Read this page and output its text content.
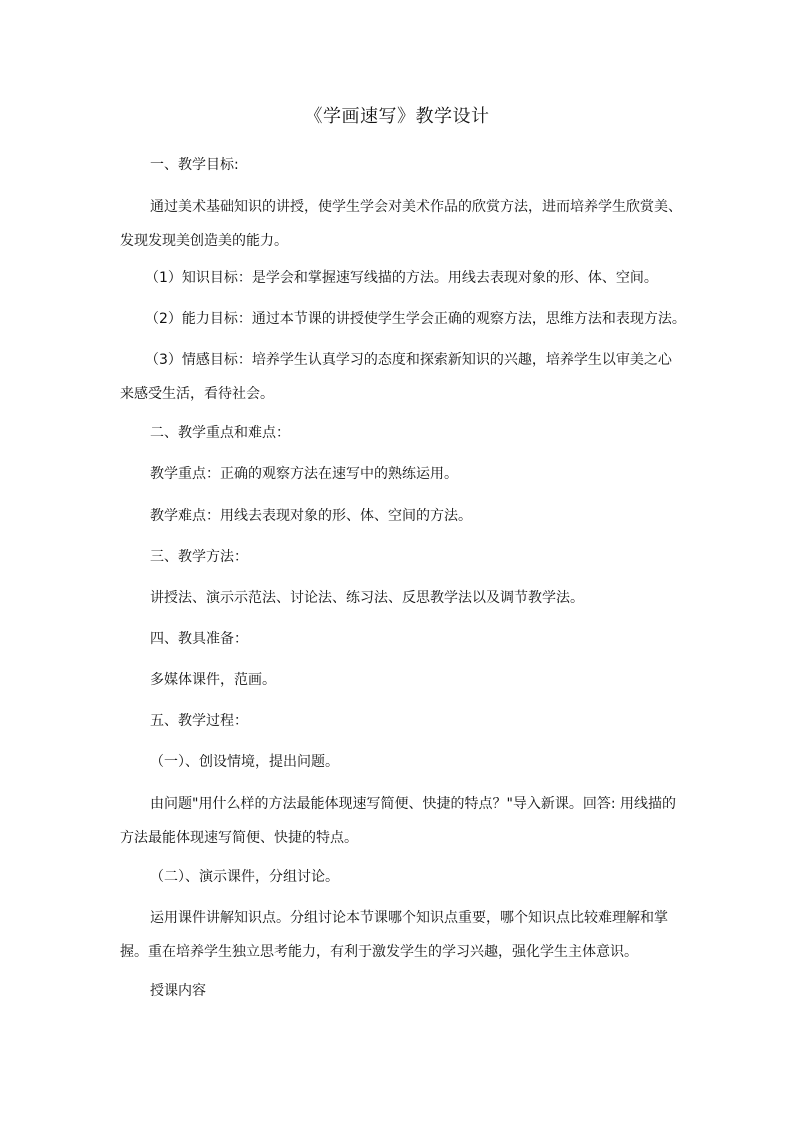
《学画速写》教学设计
一、教学目标:
通过美术基础知识的讲授，使学生学会对美术作品的欣赏方法，进而培养学生欣赏美、
发现发现美创造美的能力。
（1）知识目标：是学会和掌握速写线描的方法。用线去表现对象的形、体、空间。
（2）能力目标：通过本节课的讲授使学生学会正确的观察方法，思维方法和表现方法。
（3）情感目标：培养学生认真学习的态度和探索新知识的兴趣，培养学生以审美之心
来感受生活，看待社会。
二、教学重点和难点：
教学重点：正确的观察方法在速写中的熟练运用。
教学难点：用线去表现对象的形、体、空间的方法。
三、教学方法：
讲授法、演示示范法、讨论法、练习法、反思教学法以及调节教学法。
四、教具准备：
多媒体课件，范画。
五、教学过程：
（一）、创设情境，提出问题。
由问题"用什么样的方法最能体现速写简便、快捷的特点？"导入新课。回答: 用线描的
方法最能体现速写简便、快捷的特点。
（二）、演示课件，分组讨论。
运用课件讲解知识点。分组讨论本节课哪个知识点重要，哪个知识点比较难理解和掌
握。重在培养学生独立思考能力，有利于激发学生的学习兴趣，强化学生主体意识。
授课内容
